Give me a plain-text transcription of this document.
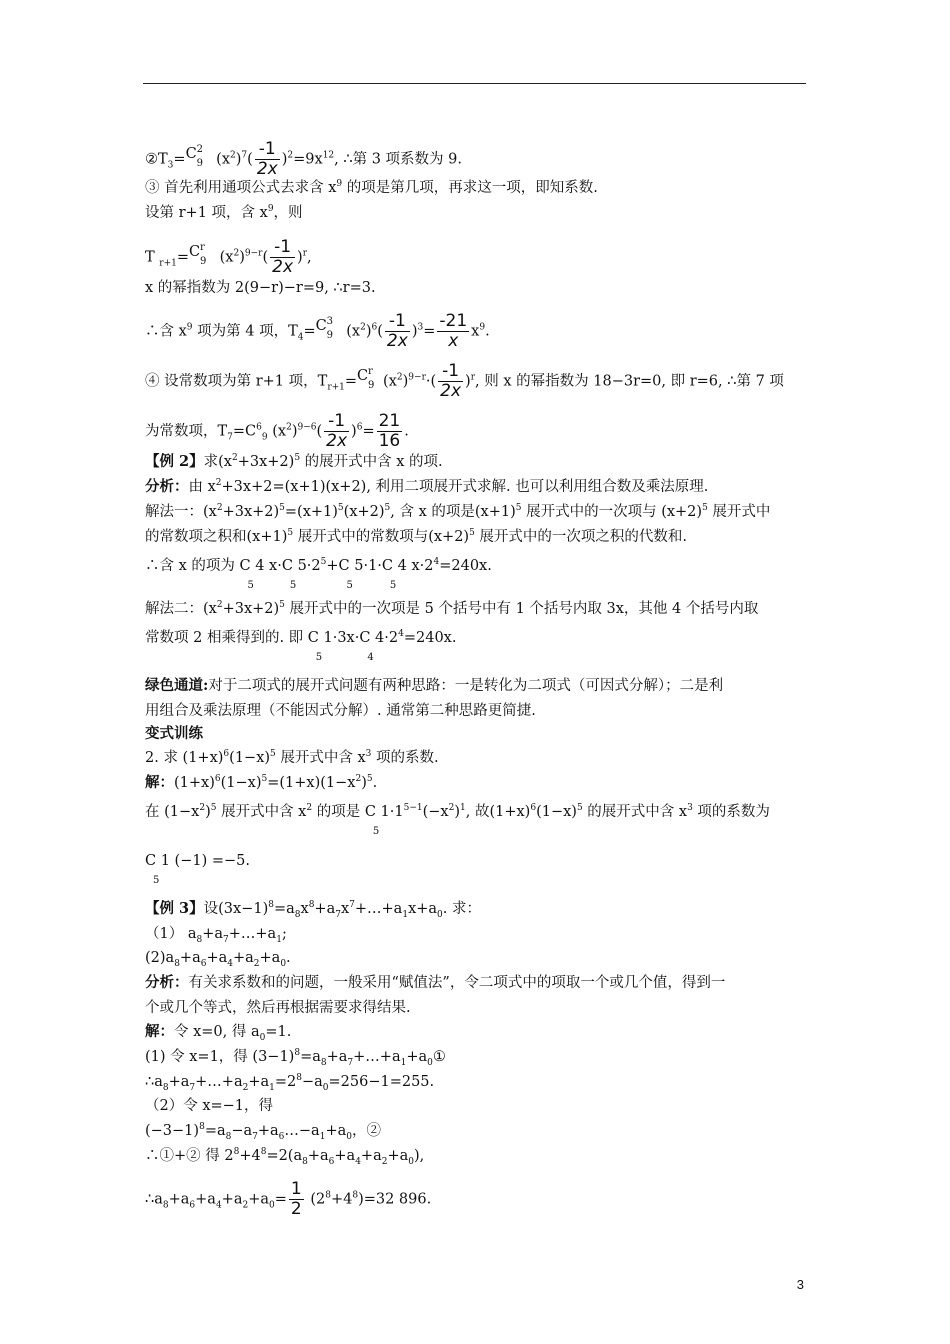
$②T_3= C$ 2
9 $(x^2)^7( \frac{-1}{2x} )^2=9x^{12}$, ∴第 3 项系数为 9.
③ 首先利用通项公式去求含 $x^9$ 的项是第几项，再求这一项，即知系数.
设第 r+1 项，含 $x^9$，则
T $_{r+1}$= C r
9 $(x^2)^{9-r}( \frac{-1}{2x} )^r$,
x 的幂指数为 2(9−r)−r=9, ∴r=3.
∴含 $x^9$ 项为第 4 项，$T_4= C$ 3
9 $(x^2)^6( \frac{-1}{2x} )^3= \frac{-21}{x} x^9$.
④ 设常数项为第 r+1 项，$T_{r+1}= C$ r
9 $(x^2)^{9-r}\cdot( \frac{-1}{2x} )^r$, 则 x 的幂指数为 18−3r=0, 即 r=6, ∴第 7 项
为常数项，$T_7=C^6_9$ $(x^2)^{9-6}( \frac{-1}{2x} )^6= \frac{21}{16}$ .
【例 2】求$(x^2+3x+2)^5$ 的展开式中含 x 的项.
分析：由 $x^2+3x+2=(x+1)(x+2)$, 利用二项展开式求解. 也可以利用组合数及乘法原理.
解法一：$(x^2+3x+2)^5=(x+1)^5(x+2)^5$, 含 x 的项是$(x+1)^5$ 展开式中的一次项与 $(x+2)^5$ 展开式中
的常数项之积和$(x+1)^5$ 展开式中的常数项与$(x+2)^5$ 展开式中的一次项之积的代数和.
∴含 x 的项为 C 4
5
x·C 5
5
$\cdot 2^5+C$ 5
5
·1·C 4
5
$x\cdot 2^4=240x$.
解法二：$(x^2+3x+2)^5$ 展开式中的一次项是 5 个括号中有 1 个括号内取 3x，其他 4 个括号内取
常数项 2 相乘得到的. 即 C 1
5
·3x·C 4
4
$\cdot 2^4=240x$.
绿色通道:对于二项式的展开式问题有两种思路：一是转化为二项式（可因式分解）；二是利
用组合及乘法原理（不能因式分解）. 通常第二种思路更简捷.
变式训练
2. 求 $(1+x)^6(1-x)^5$ 展开式中含 $x^3$ 项的系数.
解：$(1+x)^6(1-x)^5=(1+x)(1-x^2)^5$.
在 $(1-x^2)^5$ 展开式中含 $x^2$ 的项是 C 1
5
$\cdot 1^{5-1}(-x^2)^1$, 故$(1+x)^6(1-x)^5$ 的展开式中含 $x^3$ 项的系数为
C 1
5
(−1) =−5.
【例 3】设$(3x-1)^8=a_8x^8+a_7x^7+\dots+a_1x+a_0$. 求：
（1） $a_8+a_7+\dots+a_1$;
$(2)a_8+a_6+a_4+a_2+a_0$.
分析：有关求系数和的问题，一般采用“赋值法”，令二项式中的项取一个或几个值，得到一
个或几个等式，然后再根据需要求得结果.
解：令 x=0, 得 $a_0=1$.
(1) 令 x=1，得 $(3-1)^8=a_8+a_7+\dots+a_1+a_0①$
$\therefore a_8+a_7+\dots+a_2+a_1=2^8-a_0=256-1=255$.
（2）令 x=−1，得
$(-3-1)^8=a_8-a_7+a_6\dots-a_1+a_0$，②
∴①+② 得 $2^8+4^8=2(a_8+a_6+a_4+a_2+a_0)$,
$\therefore a_8+a_6+a_4+a_2+a_0= \frac{1}{2} (2^8+4^8)=32$ 896.
3
